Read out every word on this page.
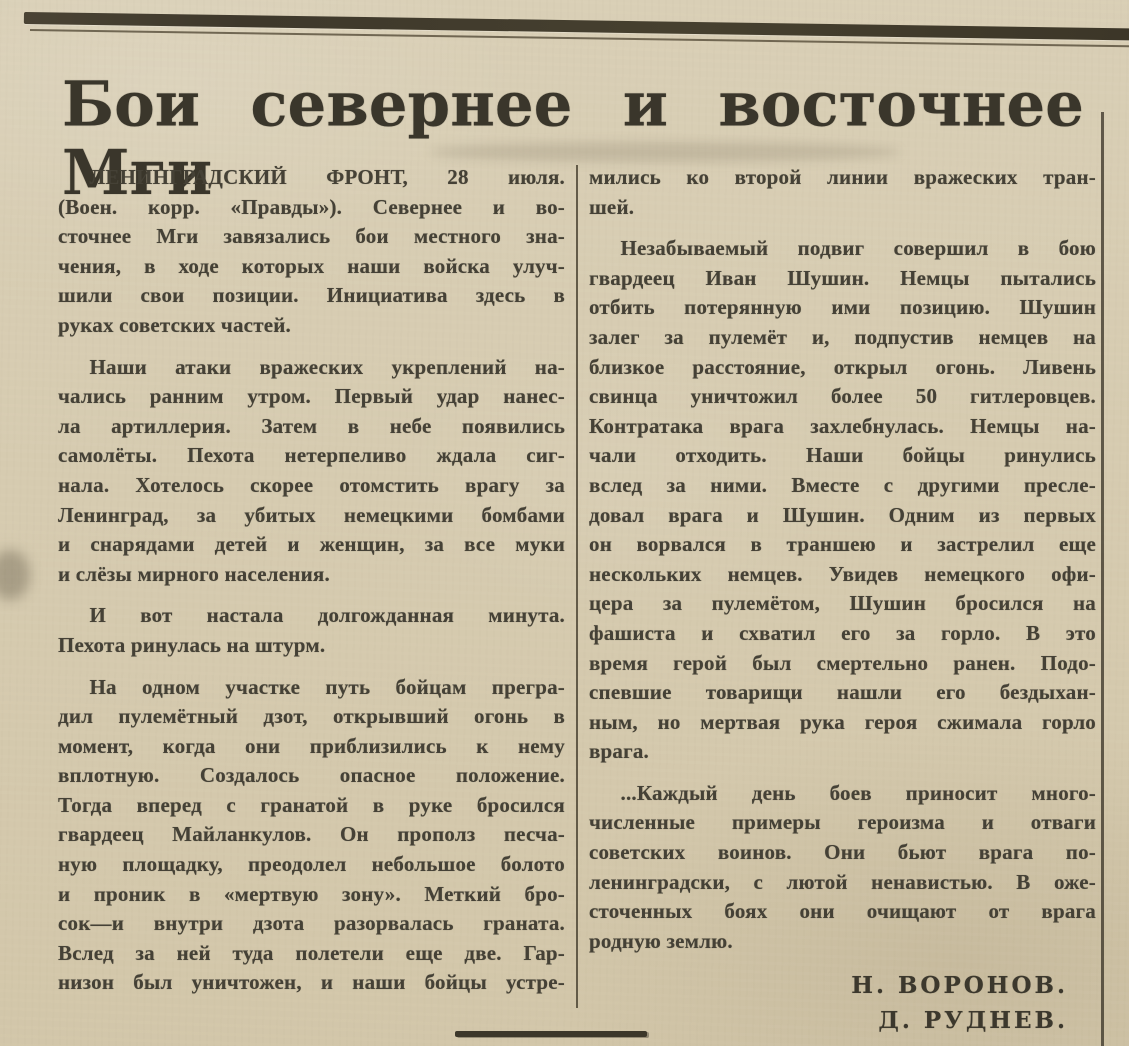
Бои севернее и восточнее Мги
ЛЕНИНГРАДСКИЙ ФРОНТ, 28 июля.
(Воен. корр. «Правды»). Севернее и во-
сточнее Мги завязались бои местного зна-
чения, в ходе которых наши войска улуч-
шили свои позиции. Инициатива здесь в
руках советских частей.
Наши атаки вражеских укреплений на-
чались ранним утром. Первый удар нанес-
ла артиллерия. Затем в небе появились
самолёты. Пехота нетерпеливо ждала сиг-
нала. Хотелось скорее отомстить врагу за
Ленинград, за убитых немецкими бомбами
и снарядами детей и женщин, за все муки
и слёзы мирного населения.
И вот настала долгожданная минута.
Пехота ринулась на штурм.
На одном участке путь бойцам прегра-
дил пулемётный дзот, открывший огонь в
момент, когда они приблизились к нему
вплотную. Создалось опасное положение.
Тогда вперед с гранатой в руке бросился
гвардеец Майланкулов. Он прополз песча-
ную площадку, преодолел небольшое болото
и проник в «мертвую зону». Меткий бро-
сок—и внутри дзота разорвалась граната.
Вслед за ней туда полетели еще две. Гар-
низон был уничтожен, и наши бойцы устре-
мились ко второй линии вражеских тран-
шей.
Незабываемый подвиг совершил в бою
гвардеец Иван Шушин. Немцы пытались
отбить потерянную ими позицию. Шушин
залег за пулемёт и, подпустив немцев на
близкое расстояние, открыл огонь. Ливень
свинца уничтожил более 50 гитлеровцев.
Контратака врага захлебнулась. Немцы на-
чали отходить. Наши бойцы ринулись
вслед за ними. Вместе с другими пресле-
довал врага и Шушин. Одним из первых
он ворвался в траншею и застрелил еще
нескольких немцев. Увидев немецкого офи-
цера за пулемётом, Шушин бросился на
фашиста и схватил его за горло. В это
время герой был смертельно ранен. Подо-
спевшие товарищи нашли его бездыхан-
ным, но мертвая рука героя сжимала горло
врага.
...Каждый день боев приносит много-
численные примеры героизма и отваги
советских воинов. Они бьют врага по-
ленинградски, с лютой ненавистью. В оже-
сточенных боях они очищают от врага
родную землю.
Н. ВОРОНОВ.
Д. РУДНЕВ.
